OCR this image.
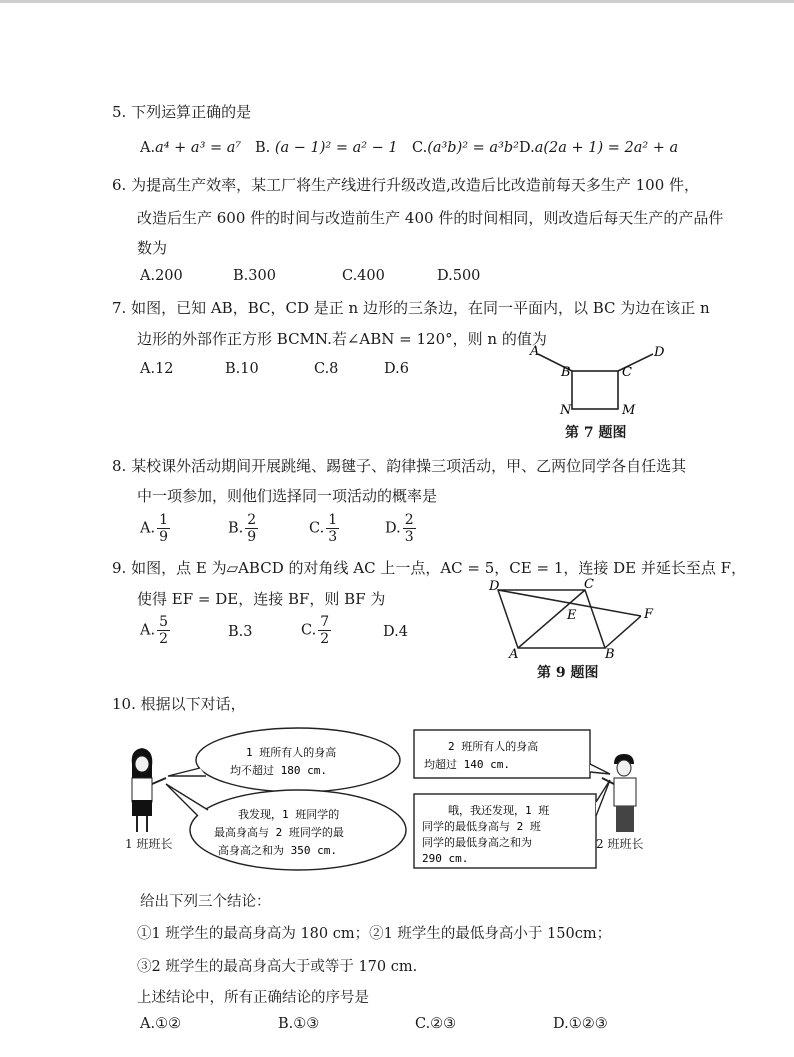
5. 下列运算正确的是
A.a⁴ + a³ = a⁷ B. (a − 1)² = a² − 1 C.(a³b)² = a³b² D.a(2a + 1) = 2a² + a
6. 为提高生产效率，某工厂将生产线进行升级改造,改造后比改造前每天多生产 100 件，
改造后生产 600 件的时间与改造前生产 400 件的时间相同，则改造后每天生产的产品件
数为
A.200	B.300	C.400	D.500
7. 如图，已知 AB，BC，CD 是正 n 边形的三条边，在同一平面内，以 BC 为边在该正 n
边形的外部作正方形 BCMN.若∠ABN = 120°，则 n 的值为
A.12	B.10	C.8	D.6
A
B	C
D
N	M
第 7 题图
8. 某校课外活动期间开展跳绳、踢毽子、韵律操三项活动，甲、乙两位同学各自任选其
中一项参加，则他们选择同一项活动的概率是
A. $\frac{1}{9}$	B. $\frac{2}{9}$	C. $\frac{1}{3}$	D. $\frac{2}{3}$
9. 如图，点 E 为▱ABCD 的对角线 AC 上一点，AC = 5，CE = 1，连接 DE 并延长至点 F，
使得 EF = DE，连接 BF，则 BF 为
A. $\frac{5}{2}$	B.3	C. $\frac{7}{2}$	D.4
D	C
E	F
A	B
第 9 题图
10. 根据以下对话，
1 班所有人的身高
均不超过 180 cm.
我发现，1 班同学的
最高身高与 2 班同学的最
高身高之和为 350 cm.
2 班所有人的身高
均超过 140 cm.
哦，我还发现，1 班
同学的最低身高与 2 班
同学的最低身高之和为
290 cm.
1 班班长	2 班班长
给出下列三个结论：
①1 班学生的最高身高为 180 cm；②1 班学生的最低身高小于 150cm；
③2 班学生的最高身高大于或等于 170 cm.
上述结论中，所有正确结论的序号是
A.①②	B.①③	C.②③	D.①②③
